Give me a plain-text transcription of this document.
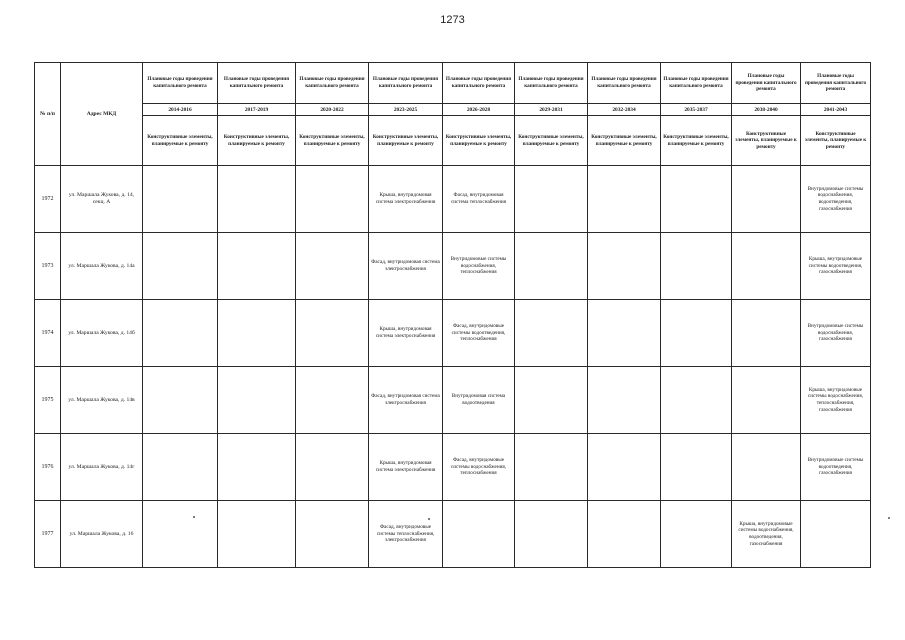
1273
№ п/п	Адрес МКД	Плановые годы проведения капитального ремонта	Плановые годы проведения капитального ремонта	Плановые годы проведения капитального ремонта	Плановые годы проведения капитального ремонта	Плановые годы проведения капитального ремонта	Плановые годы проведения капитального ремонта	Плановые годы проведения капитального ремонта	Плановые годы проведения капитального ремонта	Плановые годы проведения капитального ремонта	Плановые годы проведения капитального ремонта
		2014-2016	2017-2019	2020-2022	2023-2025	2026-2028	2029-2031	2032-2034	2035-2037	2038-2040	2041-2043
		Конструктивные элементы, планируемые к ремонту	Конструктивные элементы, планируемые к ремонту	Конструктивные элементы, планируемые к ремонту	Конструктивные элементы, планируемые к ремонту	Конструктивные элементы, планируемые к ремонту	Конструктивные элементы, планируемые к ремонту	Конструктивные элементы, планируемые к ремонту	Конструктивные элементы, планируемые к ремонту	Конструктивные элементы, планируемые к ремонту	Конструктивные элементы, планируемые к ремонту
1972	ул. Маршала Жукова, д. 14, секц. А				Крыша, внутридомовая система электроснабжения	Фасад, внутридомовая система теплоснабжения					Внутридомовые системы водоснабжения, водоотведения, газоснабжения
1973	ул. Маршала Жукова, д. 14а				Фасад, внутридомовая система электроснабжения	Внутридомовые системы водоснабжения, теплоснабжения					Крыша, внутридомовые системы водоотведения, газоснабжения
1974	ул. Маршала Жукова, д. 14б				Крыша, внутридомовая система электроснабжения	Фасад, внутридомовые системы водоотведения, теплоснабжения					Внутридомовые системы водоснабжения, газоснабжения
1975	ул. Маршала Жукова, д. 14в				Фасад, внутридомовая система электроснабжения	Внутридомовая система водоотведения					Крыша, внутридомовые системы водоснабжения, теплоснабжения, газоснабжения
1976	ул. Маршала Жукова, д. 14г				Крыша, внутридомовая система электроснабжения	Фасад, внутридомовые системы водоснабжения, теплоснабжения					Внутридомовые системы водоотведения, газоснабжения
1977	ул. Маршала Жукова, д. 16				Фасад, внутридомовые системы теплоснабжения, электроснабжения					Крыша, внутридомовые системы водоснабжения, водоотведения, газоснабжения	
